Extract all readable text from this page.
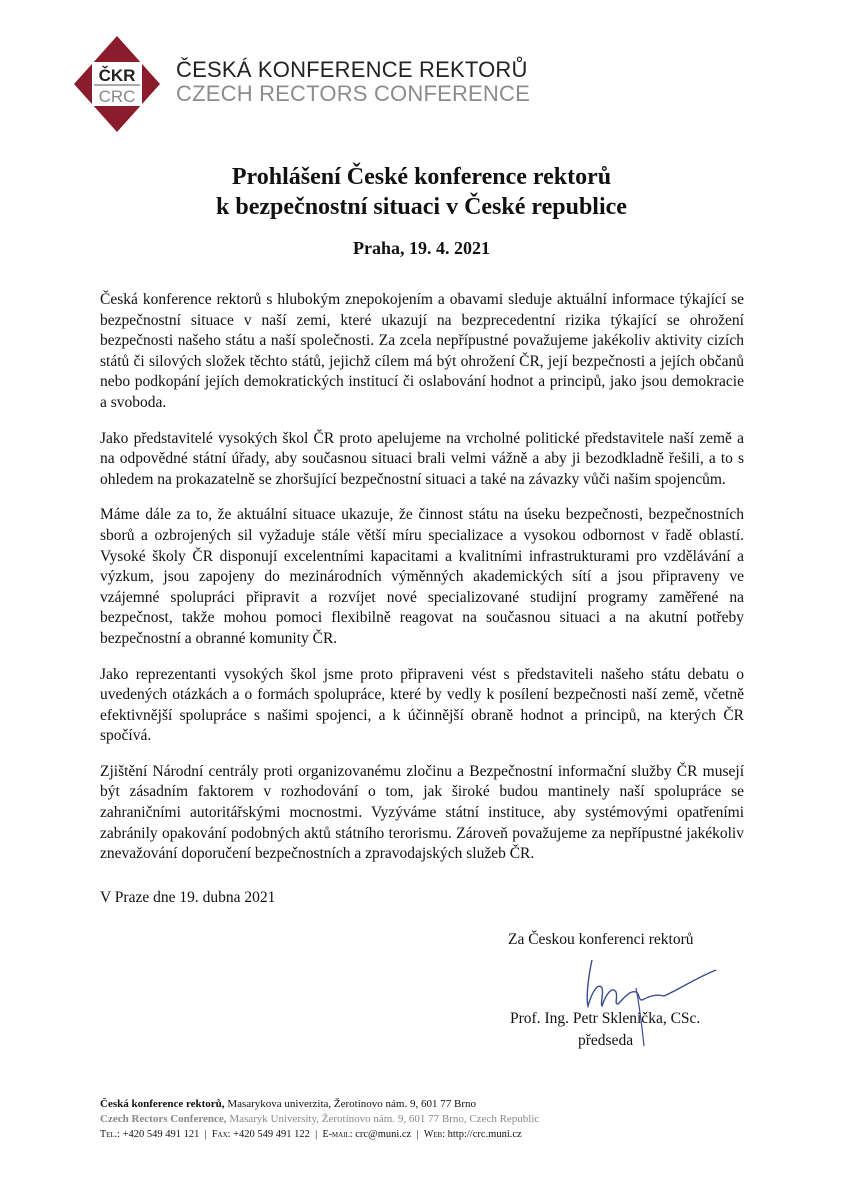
ČKR
CRC
ČESKÁ KONFERENCE REKTORŮ
CZECH RECTORS CONFERENCE
Prohlášení České konference rektorů
k bezpečnostní situaci v České republice
Praha, 19. 4. 2021

Česká konference rektorů s hlubokým znepokojením a obavami sleduje aktuální informace týkající se bezpečnostní situace v naší zemi, které ukazují na bezprecedentní rizika týkající se ohrožení bezpečnosti našeho státu a naší společnosti. Za zcela nepřípustné považujeme jakékoliv aktivity cizích států či silových složek těchto států, jejichž cílem má být ohrožení ČR, její bezpečnosti a jejích občanů nebo podkopání jejích demokratických institucí či oslabování hodnot a principů, jako jsou demokracie a svoboda.

Jako představitelé vysokých škol ČR proto apelujeme na vrcholné politické představitele naší země a na odpovědné státní úřady, aby současnou situaci brali velmi vážně a aby ji bezodkladně řešili, a to s ohledem na prokazatelně se zhoršující bezpečnostní situaci a také na závazky vůči našim spojencům.

Máme dále za to, že aktuální situace ukazuje, že činnost státu na úseku bezpečnosti, bezpečnostních sborů a ozbrojených sil vyžaduje stále větší míru specializace a vysokou odbornost v řadě oblastí. Vysoké školy ČR disponují excelentními kapacitami a kvalitními infrastrukturami pro vzdělávání a výzkum, jsou zapojeny do mezinárodních výměnných akademických sítí a jsou připraveny ve vzájemné spolupráci připravit a rozvíjet nové specializované studijní programy zaměřené na bezpečnost, takže mohou pomoci flexibilně reagovat na současnou situaci a na akutní potřeby bezpečnostní a obranné komunity ČR.

Jako reprezentanti vysokých škol jsme proto připraveni vést s představiteli našeho státu debatu o uvedených otázkách a o formách spolupráce, které by vedly k posílení bezpečnosti naší země, včetně efektivnější spolupráce s našimi spojenci, a k účinnější obraně hodnot a principů, na kterých ČR spočívá.

Zjištění Národní centrály proti organizovanému zločinu a Bezpečnostní informační služby ČR musejí být zásadním faktorem v rozhodování o tom, jak široké budou mantinely naší spolupráce se zahraničními autoritářskými mocnostmi. Vyzýváme státní instituce, aby systémovými opatřeními zabránily opakování podobných aktů státního terorismu. Zároveň považujeme za nepřípustné jakékoliv znevažování doporučení bezpečnostních a zpravodajských služeb ČR.

V Praze dne 19. dubna 2021
Za Českou konferenci rektorů
Prof. Ing. Petr Sklenička, CSc.
předseda
Česká konference rektorů, Masarykova univerzita, Žerotínovo nám. 9, 601 77 Brno
Czech Rectors Conference, Masaryk University, Žerotínovo nám. 9, 601 77 Brno, Czech Republic
Tel.: +420 549 491 121  |  Fax: +420 549 491 122  |  E-mail: crc@muni.cz  |  Web: http://crc.muni.cz
